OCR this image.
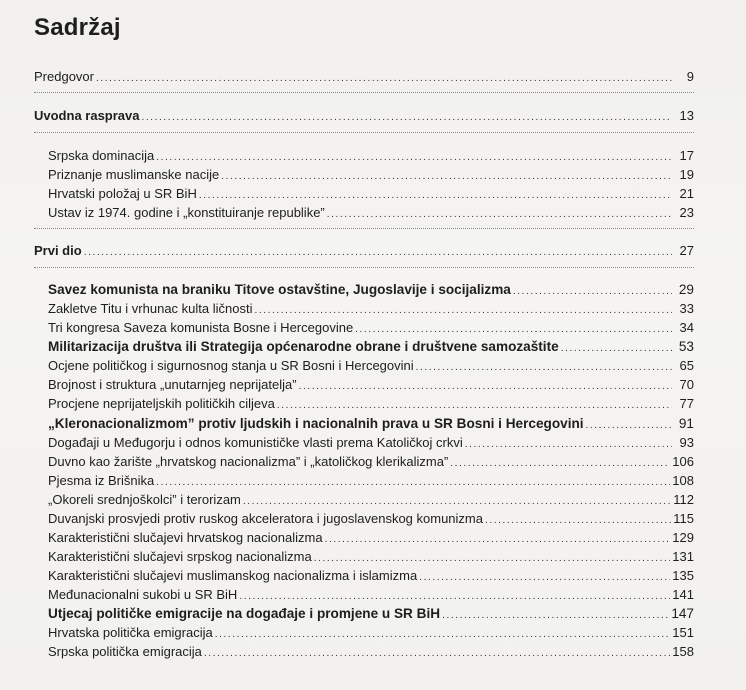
Sadržaj
Predgovor .....	9
Uvodna rasprava .....	13
Srpska dominacija .....	17
Priznanje muslimanske nacije .....	19
Hrvatski položaj u SR BiH .....	21
Ustav iz 1974. godine i „konstituiranje republike” .....	23
Prvi dio .....	27
Savez komunista na braniku Titove ostavštine, Jugoslavije i socijalizma .....	29
Zakletve Titu i vrhunac kulta ličnosti .....	33
Tri kongresa Saveza komunista Bosne i Hercegovine .....	34
Militarizacija društva ili Strategija općenarodne obrane i društvene samozaštite .....	53
Ocjene političkog i sigurnosnog stanja u SR Bosni i Hercegovini .....	65
Brojnost i struktura „unutarnjeg neprijatelja” .....	70
Procjene neprijateljskih političkih ciljeva .....	77
„Kleronacionalizmom” protiv ljudskih i nacionalnih prava u SR Bosni i Hercegovini .....	91
Događaji u Međugorju i odnos komunističke vlasti prema Katoličkoj crkvi .....	93
Duvno kao žarište „hrvatskog nacionalizma” i „katoličkog klerikalizma” .....	106
Pjesma iz Brišnika .....	108
„Okoreli srednjoškolci” i terorizam .....	112
Duvanjski prosvjedi protiv ruskog akceleratora i jugoslavenskog komunizma .....	115
Karakteristični slučajevi hrvatskog nacionalizma .....	129
Karakteristični slučajevi srpskog nacionalizma .....	131
Karakteristični slučajevi muslimanskog nacionalizma i islamizma .....	135
Međunacionalni sukobi u SR BiH .....	141
Utjecaj političke emigracije na događaje i promjene u SR BiH .....	147
Hrvatska politička emigracija .....	151
Srpska politička emigracija .....	158
